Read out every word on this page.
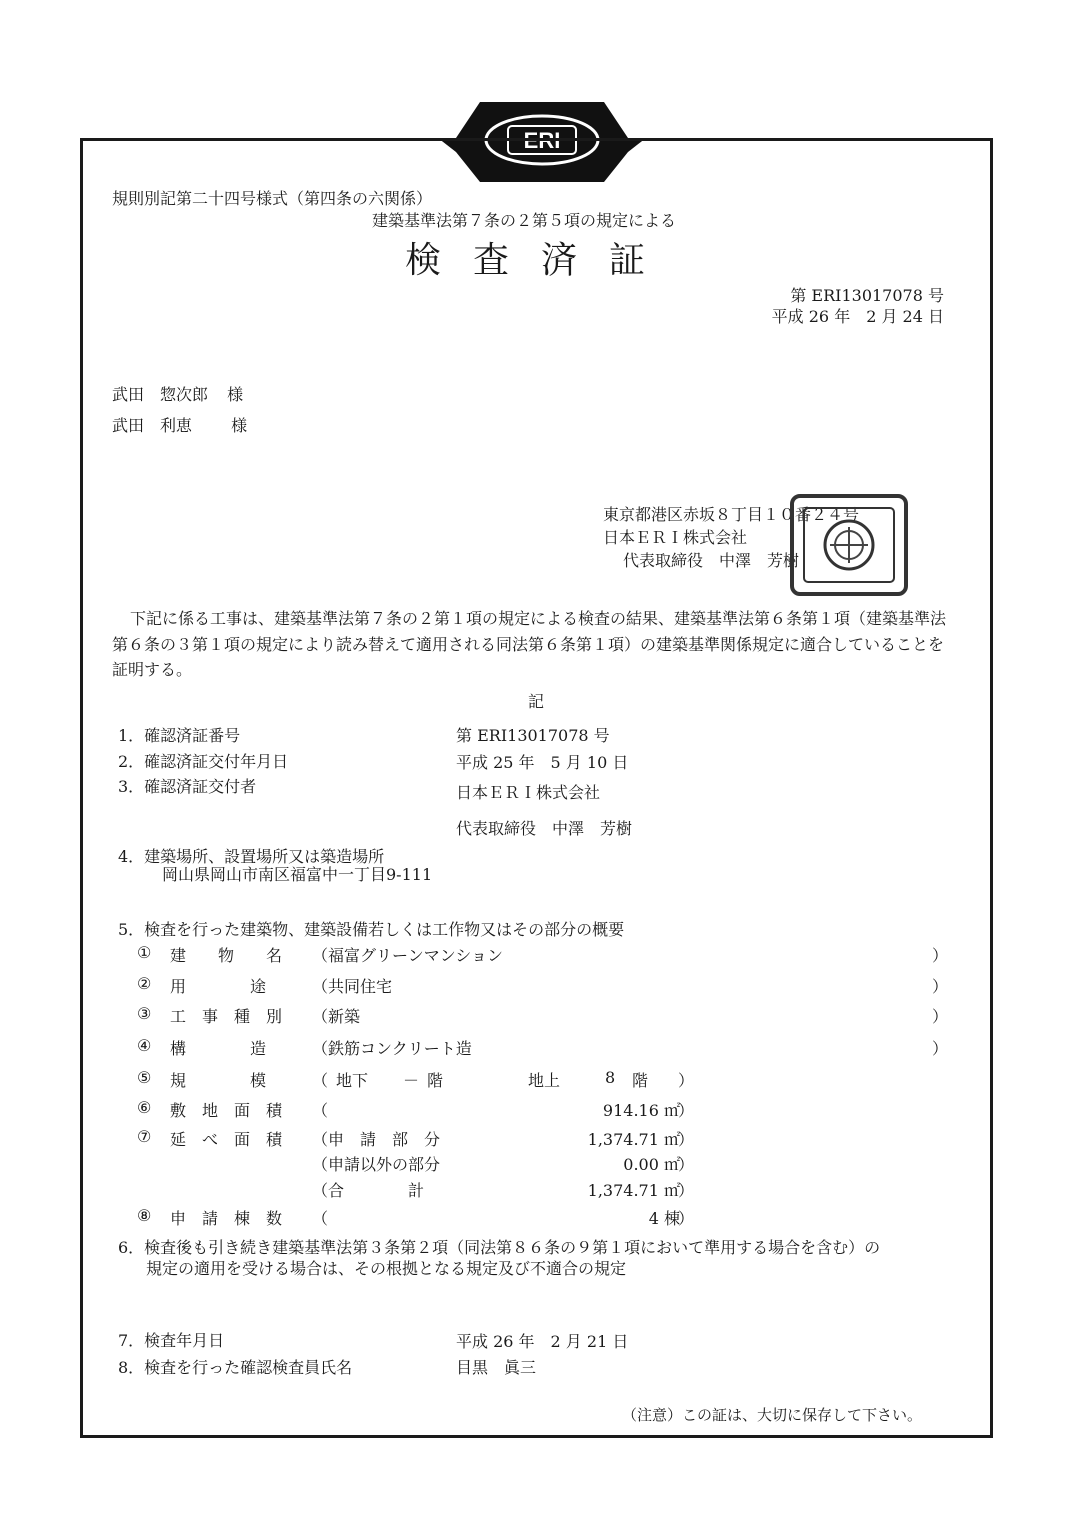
ERI
規則別記第二十四号様式（第四条の六関係）
建築基準法第７条の２第５項の規定による
検査済証
第 ERI13017078 号
平成 26 年　2 月 24 日
武田　惣次郎 様
武田　利恵 様
東京都港区赤坂８丁目１０番２４号
日本ＥＲＩ株式会社
代表取締役　中澤　芳樹
下記に係る工事は、建築基準法第７条の２第１項の規定による検査の結果、建築基準法第６条第１項（建築基準法第６条の３第１項の規定により読み替えて適用される同法第６条第１項）の建築基準関係規定に適合していることを証明する。
記
1．確認済証番号	第 ERI13017078 号
2．確認済証交付年月日	平成 25 年　5 月 10 日
3．確認済証交付者	日本ＥＲＩ株式会社
代表取締役　中澤　芳樹
4．建築場所、設置場所又は築造場所
岡山県岡山市南区福富中一丁目9-111
5．検査を行った建築物、建築設備若しくは工作物又はその部分の概要
① 建　　物　　名 （福富グリーンマンション	）
② 用　　　　途	（共同住宅	）
③ 工　事　種　別 （新築	）
④ 構　　　　造	（鉄筋コンクリート造	）
⑤ 規　　　　模	（ 地下 － 階	地上	8 階 ）
⑥ 敷　地　面　積 （	914.16 ㎡
）
⑦ 延　べ　面　積 （申　請　部　分	1,374.71 ㎡
）
（申請以外の部分	0.00 ㎡
）
（合　　　　計	1,374.71 ㎡
）
⑧ 申　請　棟　数 （	4 棟
）
6．検査後も引き続き建築基準法第３条第２項（同法第８６条の９第１項において準用する場合を含む）の
規定の適用を受ける場合は、その根拠となる規定及び不適合の規定
7．検査年月日	平成 26 年　2 月 21 日
8．検査を行った確認検査員氏名	目黒　眞三
（注意）この証は、大切に保存して下さい。
